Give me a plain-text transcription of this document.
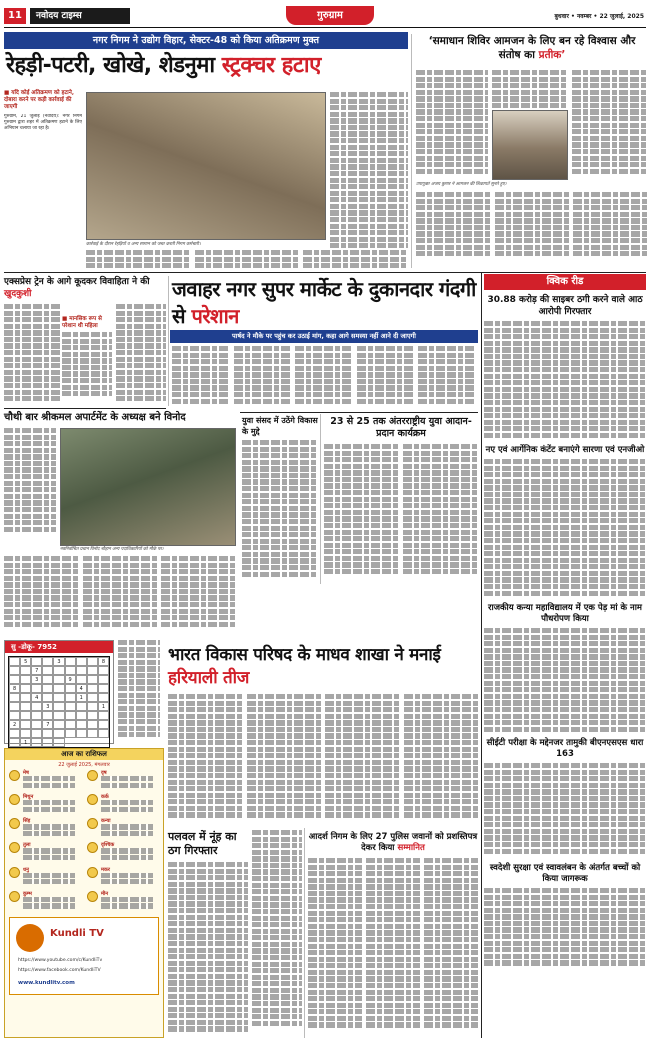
11	नवोदय टाइम्स	गुरुग्राम	बुधवार • नवम्बर • 22 जुलाई, 2025
नगर निगम ने उद्योग विहार, सेक्टर-48 को किया अतिक्रमण मुक्त
रेहड़ी-पटरी, खोखे, शेडनुमा स्ट्रक्चर हटाए
■ यदि कोई अतिक्रमण को हटाने, दोबारा करने पर कड़ी कार्रवाई की जाएगी
गुरुग्राम, 21 जुलाई (नवोदय): नगर निगम गुरुग्राम द्वारा शहर में अतिक्रमण हटाने के लिए अभियान चलाया जा रहा है।
कार्रवाई के दौरान रेहड़ियों व अन्य सामान को जब्त करती निगम कर्मचारी।
‘समाधान शिविर आमजन के लिए बन रहे विश्वास और संतोष का प्रतीक’
उपायुक्त अजय कुमार ने आमजन की शिकायतें सुनते हुए।
एक्सप्रेस ट्रेन के आगे कूदकर विवाहिता ने की खुदकुशी
■ मानसिक रूप से परेशान थी महिला
चौथी बार श्रीकमल अपार्टमेंट के अध्यक्ष बने विनोद
नवनिर्वाचित प्रधान विनोद चौहान अन्य पदाधिकारियों को मौके पर।
जवाहर नगर सुपर मार्केट के दुकानदार गंदगी से परेशान
पार्षद ने मौके पर पहुंच कर उठाई मांग, कहा आगे समस्या नहीं आने दी जाएगी
युवा संसद में उठेंगे विकास के मुद्दे
23 से 25 तक अंतरराष्ट्रीय युवा आदान-प्रदान कार्यक्रम
सु -डोकू- 7952
5	3	8
7
3	9
8	4
4	1
3	1
2	7
1
भारत विकास परिषद के माधव शाखा ने मनाई हरियाली तीज
आज का राशिफल
22 जुलाई 2025, मंगलवार
मेष	वृष
मिथुन	कर्क
सिंह	कन्या
तुला	वृश्चिक
धनु	मकर
कुम्भ	मीन
Kundli TV
https://www.youtube.com/c/KundliTv
https://www.facebook.com/KundliTV
www.kundlitv.com
पलवल में नूंह का ठग गिरफ्तार
आदर्श निगम के लिए 27 पुलिस जवानों को प्रशस्तिपत्र देकर किया सम्मानित
क्विक रीड
30.88 करोड़ की साइबर ठगी करने वाले आठ आरोपी गिरफ्तार
नए एवं आर्गेनिक कंटेंट बनाएंगे सारणा एवं एनजीओ
राजकीय कन्या महाविद्यालय में एक पेड़ मां के नाम पौधरोपण किया
सीईटी परीक्षा के मद्देनजर तामुकी बीएनएसएस धारा 163
स्वदेशी सुरक्षा एवं स्वावलंबन के अंतर्गत बच्चों को किया जागरूक
